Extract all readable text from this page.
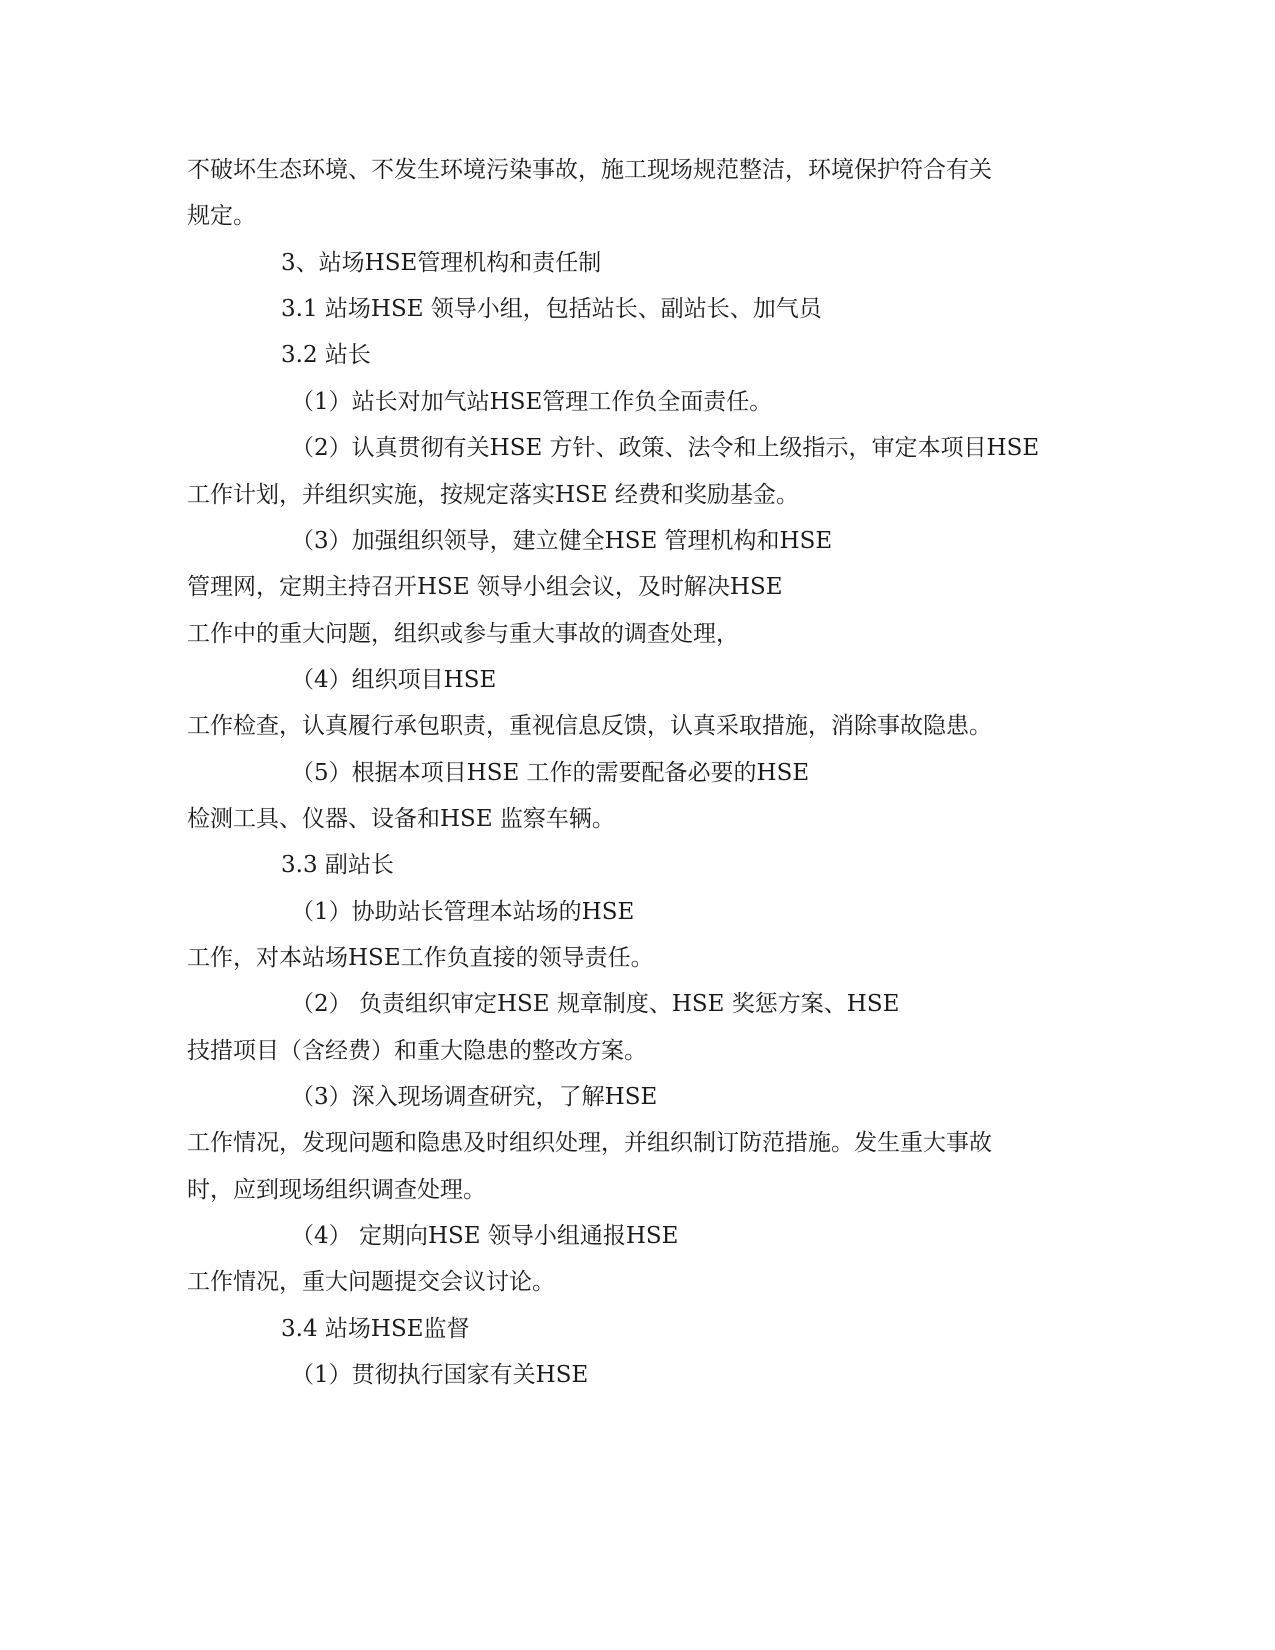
不破坏生态环境、不发生环境污染事故，施工现场规范整洁，环境保护符合有关
规定。
3、站场HSE管理机构和责任制
3.1 站场HSE 领导小组，包括站长、副站长、加气员
3.2 站长
（1）站长对加气站HSE管理工作负全面责任。
（2）认真贯彻有关HSE 方针、政策、法令和上级指示，审定本项目HSE
工作计划，并组织实施，按规定落实HSE 经费和奖励基金。
（3）加强组织领导，建立健全HSE 管理机构和HSE
管理网，定期主持召开HSE 领导小组会议，及时解决HSE
工作中的重大问题，组织或参与重大事故的调查处理，
（4）组织项目HSE
工作检查，认真履行承包职责，重视信息反馈，认真采取措施，消除事故隐患。
（5）根据本项目HSE 工作的需要配备必要的HSE
检测工具、仪器、设备和HSE 监察车辆。
3.3 副站长
（1）协助站长管理本站场的HSE
工作，对本站场HSE工作负直接的领导责任。
（2） 负责组织审定HSE 规章制度、HSE 奖惩方案、HSE
技措项目（含经费）和重大隐患的整改方案。
（3）深入现场调查研究，了解HSE
工作情况，发现问题和隐患及时组织处理，并组织制订防范措施。发生重大事故
时，应到现场组织调查处理。
（4） 定期向HSE 领导小组通报HSE
工作情况，重大问题提交会议讨论。
3.4 站场HSE监督
（1）贯彻执行国家有关HSE
